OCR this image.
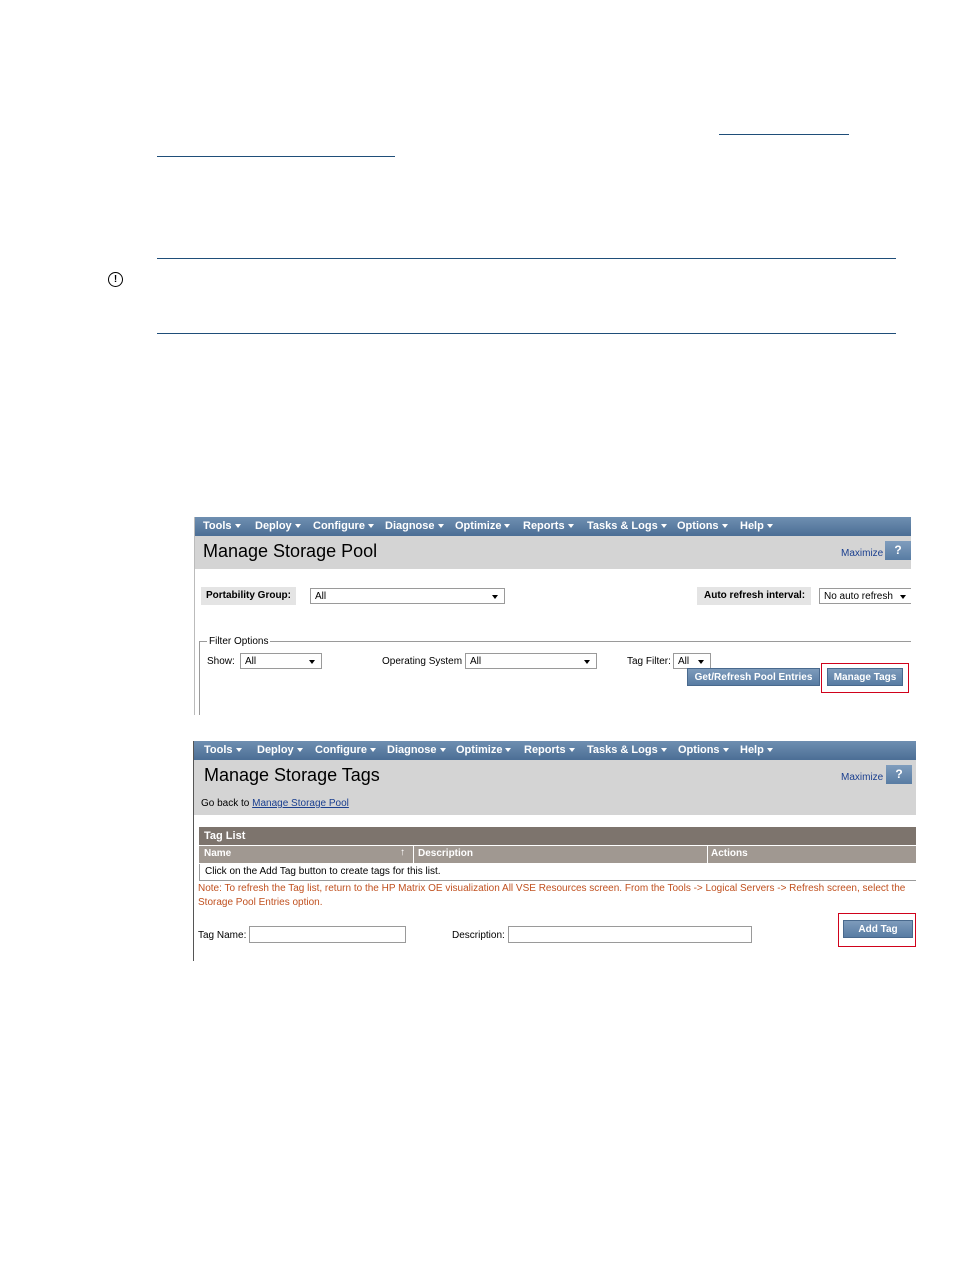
!
Tools	Deploy	Configure	Diagnose	Optimize	Reports	Tasks & Logs	Options	Help
Manage Storage Pool	Maximize ?
Portability Group:	All	Auto refresh interval:	No auto refresh
Filter Options
Show:	All	Operating System All	Tag Filter: All
Get/Refresh Pool Entries	Manage Tags
Tools	Deploy	Configure	Diagnose	Optimize	Reports	Tasks & Logs	Options	Help
Manage Storage Tags	Maximize	?
Go back to Manage Storage Pool
Tag List
Name	↑ Description	Actions
Click on the Add Tag button to create tags for this list.
Note: To refresh the Tag list, return to the HP Matrix OE visualization All VSE Resources screen. From the Tools -> Logical Servers -> Refresh screen, select the Storage Pool Entries option.
Tag Name:	Description:
Add Tag
